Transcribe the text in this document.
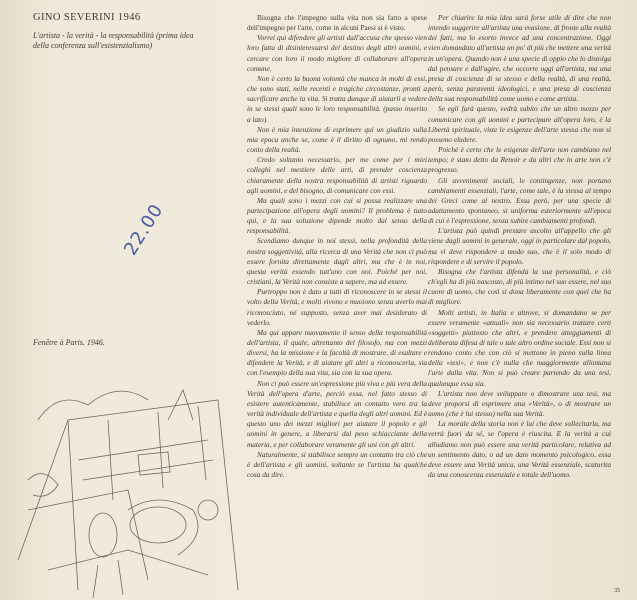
GINO SEVERINI 1946
L'artista - la verità - la responsabilità (prima idea della conferenza sull'esistenzialismo)
22.00
Fenêtre à Paris. 1946.

Bisogna che l'impegno sulla vita non sia fatto a spese dell'impegno per l'arte, come in alcuni Paesi si è visto.

Vorrei qui difendere gli artisti dall'accusa che spesso vien loro fatta di disinteressarsi del destino degli altri uomini, e cercare con loro il modo migliore di collaborare all'opera comune.

Non è certo la buona volontà che manca in molti di essi, che sono stati, nelle recenti e tragiche circostanze, pronti a sacrificare anche la vita. Si tratta dunque di aiutarli a vedere in se stessi quali sono le loro responsabilità. (passo inserito a lato).

Non è mia intenzione di esprimere qui un giudizio sulla mia epoca anche se, come è il diritto di ognuno, mi rendo conto della realtà.

Credo soltanto necessario, per me come per i miei colleghi nel mestiere delle arti, di prender coscienza chiaramente della nostra responsabilità di artisti riguardo agli uomini, e del bisogno, di comunicare con essi.

Ma quali sono i mezzi con cui si possa realizzare una partecipazione all'opera degli uomini? Il problema è tutto qui, e la sua soluzione dipende molto dal senso della responsabilità.

Scendiamo dunque in noi stessi, nella profondità della nostra soggettività, alla ricerca di una Verità che non ci può essere fornita direttamente dagli altri, ma che è in noi, questa verità essendo tutt'uno con noi. Poiché per noi, cristiani, la Verità non consiste a sapere, ma ad essere.

Purtroppo non è dato a tutti di riconoscere in se stessi il volto della Verità, e molti vivono e muoiono senza averlo mai riconosciuto, né supposto, senza aver mai desiderato di vederlo.

Ma qui appare nuovamente il senso della responsabilità dell'artista, il quale, altrettanto del filosofo, ma con mezzi diversi, ha la missione e la facoltà di mostrare, di esaltare e difendere la Verità, e di aiutare gli altri a riconoscerla, sia con l'esempio della sua vita, sia con la sua opera.

Non ci può essere un'espressione più viva e più vera della Verità dell'opera d'arte, perciò essa, nel fatto stesso di esistere autenticamente, stabilisce un contatto vero tra la verità individuale dell'artista e quella degli altri uomini. Ed è questo uno dei mezzi migliori per aiutare il popolo e gli uomini in genere, a liberarsi dal peso schiacciante della materia, e per collaborare veramente gli uni con gli altri.

Naturalmente, si stabilisce sempre un contatto tra ciò che è dell'artista e gli uomini, soltanto se l'artista ha qualche cosa da dire.

Per chiarire la mia idea sarà forse utile di dire che non intendo suggerire all'artista una evasione, di fronte alla realtà dei fatti, ma lo esorto invece ad una concentrazione. Oggi vien domandato all'artista un po' di più che mettere una verità in un'opera. Quando non è una specie di oppio che lo distolga dal pensare e dall'agire, che occorre oggi all'artista, ma una presa di coscienza di se stesso e della realtà, di una realtà, però, senza paraventi ideologici, e una presa di coscienza della sua responsabilità come uomo e come artista.

Se egli farà questo, vedrà subito che un altro mezzo per comunicare con gli uomini e partecipare all'opera loro, è la Libertà spirituale, viste le esigenze dell'arte stessa che non si possono eludere.

Poiché è certo che le esigenze dell'arte non cambiano nel tempo; è stato detto da Renoir e da altri che in arte non c'è progresso.

Gli avvenimenti sociali, le contingenze, non portano cambiamenti essenziali, l'arte, come tale, è la stessa al tempo dei Greci come al nostro. Essa però, per una specie di adattamento spontaneo, si uniforma esteriormente all'epoca di cui è l'espressione, senza subire cambiamenti profondi.

L'artista può quindi prestare ascolto all'appello che gli viene dagli uomini in generale, oggi in particolare dal popolo, ma vi deve rispondere a modo suo, che è il solo modo di rispondere e di servire il popolo.

Bisogna che l'artista difenda la sua personalità, e ciò ch'egli ha di più nascosto, di più intimo nel suo essere, nel suo cuore di uomo, che così si dona liberamente con quel che ha di migliore.

Molti artisti, in Italia e altrove, si domandano se per essere veramente «attuali» non sia necessario trattare certi «soggetti» piuttosto che altri, e prendere atteggiamenti di deliberata difesa di tale o tale altro ordine sociale. Essi non si rendono conto che con ciò si mettono in pieno sulla linea della «tesi», e non c'è nulla che maggiormente allontana l'arte dalla vita. Non si può creare partendo da una tesi, qualunque essa sia.

L'artista non deve sviluppare o dimostrare una tesi, ma deve proporsi di esprimere una «Verità», o di mostrare un uomo (che è lui stesso) nella sua Verità.

La morale della storia non è lui che deve sollecitarla, ma verrà fuori da sé, se l'opera è riuscita. E la verità a cui alludiamo non può essere una verità particolare, relativa ad un sentimento dato, o ad un dato momento psicologico, essa deve essere una Verità unica, una Verità essenziale, scaturita da una conoscenza essenziale e totale dell'uomo.

35
